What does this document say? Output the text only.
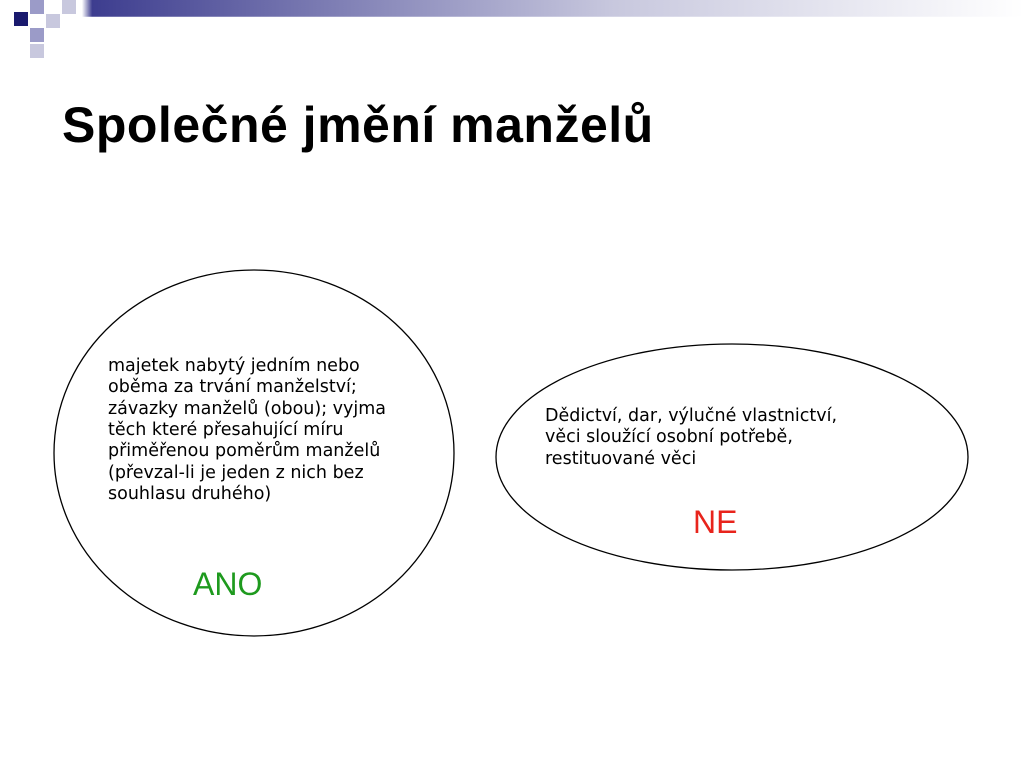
Společné jmění manželů
majetek nabytý jedním nebo
oběma za trvání manželství;
závazky manželů (obou); vyjma
těch které přesahující míru
přiměřenou poměrům manželů
(převzal-li je jeden z nich bez
souhlasu druhého)

ANO

Dědictví, dar, výlučné vlastnictví,
věci sloužící osobní potřebě,
restituované věci

NE
